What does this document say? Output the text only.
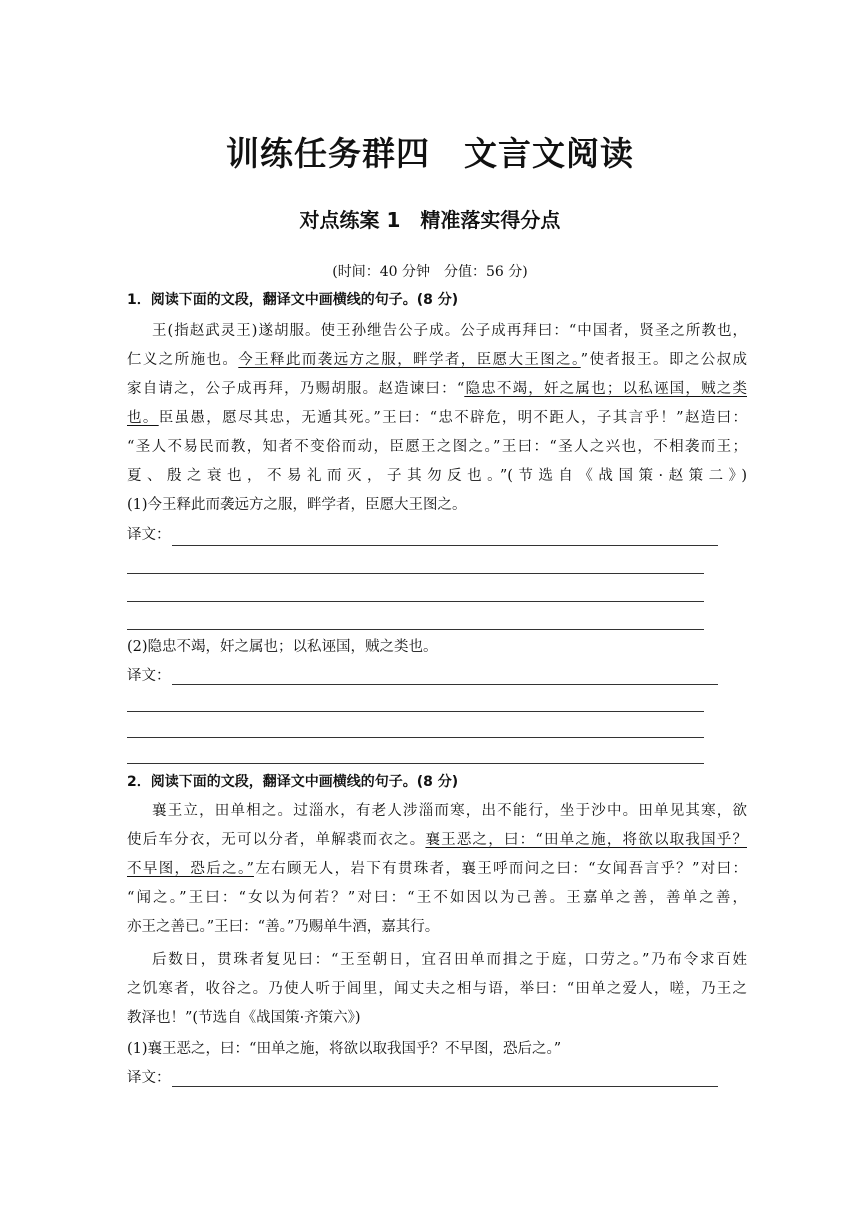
训练任务群四　文言文阅读
对点练案 1　精准落实得分点
(时间：40 分钟　分值：56 分)
1．阅读下面的文段，翻译文中画横线的句子。(8 分)
王(指赵武灵王)遂胡服。使王孙绁告公子成。公子成再拜曰：“中国者，贤圣之所教也，
仁义之所施也。今王释此而袭远方之服，畔学者，臣愿大王图之。”使者报王。即之公叔成
家自请之，公子成再拜，乃赐胡服。赵造谏曰：“隐忠不竭，奸之属也；以私诬国，贼之类
也。臣虽愚，愿尽其忠，无遁其死。”王曰：“忠不辟危，明不距人，子其言乎！”赵造曰：
“圣人不易民而教，知者不变俗而动，臣愿王之图之。”王曰：“圣人之兴也，不相袭而王；
夏、殷之衰也，不易礼而灭，子其勿反也。”(节选自《战国策·赵策二》)
(1)今王释此而袭远方之服，畔学者，臣愿大王图之。
译文：
(2)隐忠不竭，奸之属也；以私诬国，贼之类也。
译文：
2．阅读下面的文段，翻译文中画横线的句子。(8 分)
襄王立，田单相之。过淄水，有老人涉淄而寒，出不能行，坐于沙中。田单见其寒，欲
使后车分衣，无可以分者，单解裘而衣之。襄王恶之，曰：“田单之施，将欲以取我国乎？
不早图，恐后之。”左右顾无人，岩下有贯珠者，襄王呼而问之曰：“女闻吾言乎？”对曰：
“闻之。”王曰：“女以为何若？”对曰：“王不如因以为己善。王嘉单之善，善单之善，
亦王之善已。”王曰：“善。”乃赐单牛酒，嘉其行。
后数日，贯珠者复见曰：“王至朝日，宜召田单而揖之于庭，口劳之。”乃布令求百姓
之饥寒者，收谷之。乃使人听于闾里，闻丈夫之相与语，举曰：“田单之爱人，嗟，乃王之
教泽也！”(节选自《战国策·齐策六》)
(1)襄王恶之，曰：“田单之施，将欲以取我国乎？不早图，恐后之。”
译文：
